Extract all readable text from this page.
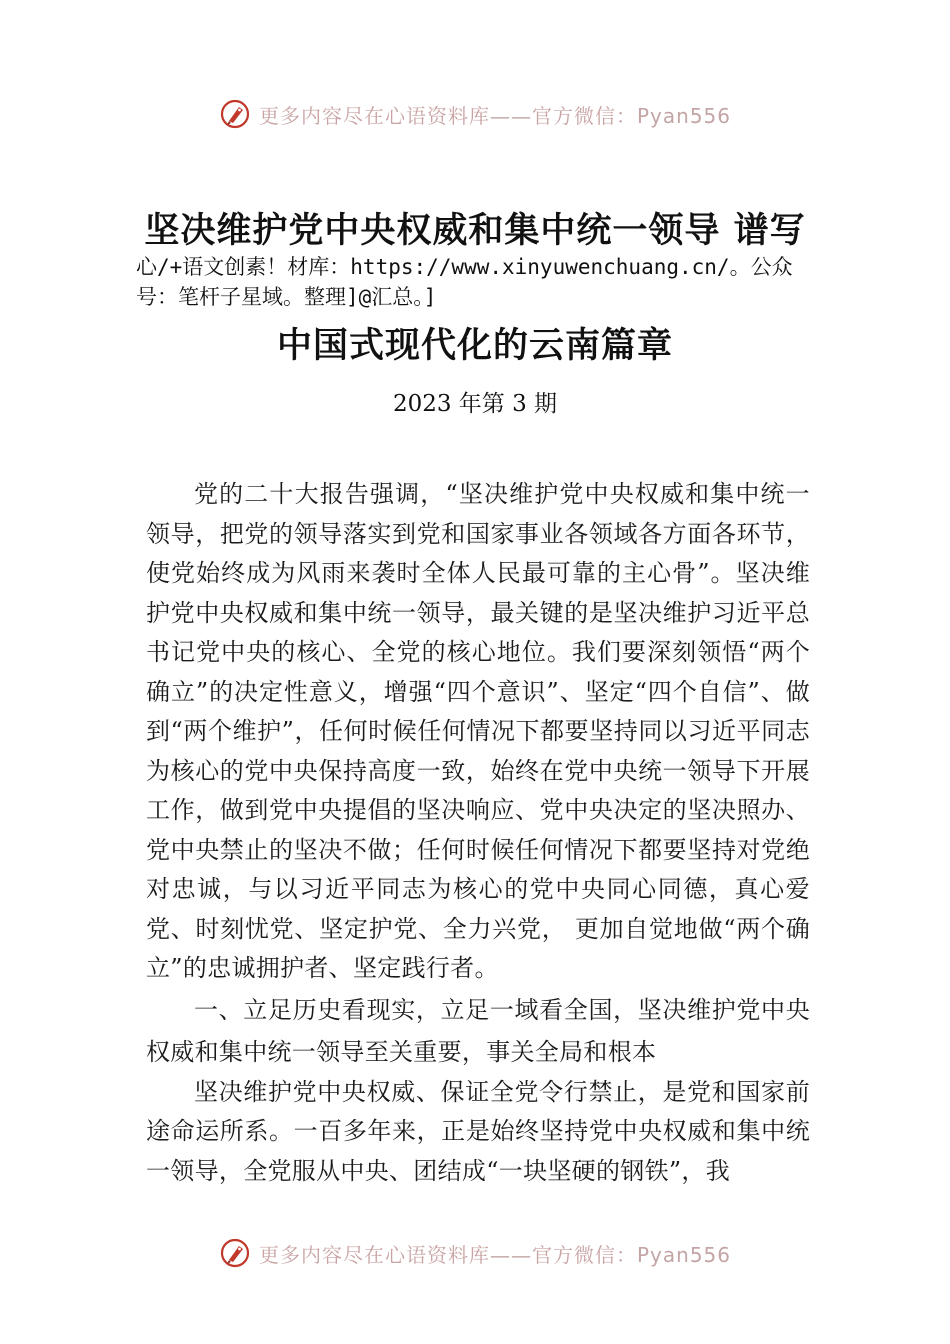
更多内容尽在心语资料库——官方微信：Pyan556
坚决维护党中央权威和集中统一领导 谱写
心/+语文创素！材库：https://www.xinyuwenchuang.cn/。公众号：笔杆子星域。整理]@汇总。]
中国式现代化的云南篇章
2023 年第 3 期

党的二十大报告强调，“坚决维护党中央权威和集中统一领导，把党的领导落实到党和国家事业各领域各方面各环节，使党始终成为风雨来袭时全体人民最可靠的主心骨”。坚决维护党中央权威和集中统一领导，最关键的是坚决维护习近平总书记党中央的核心、全党的核心地位。我们要深刻领悟“两个确立”的决定性意义，增强“四个意识”、坚定“四个自信”、做到“两个维护”，任何时候任何情况下都要坚持同以习近平同志为核心的党中央保持高度一致，始终在党中央统一领导下开展工作，做到党中央提倡的坚决响应、党中央决定的坚决照办、党中央禁止的坚决不做；任何时候任何情况下都要坚持对党绝对忠诚，与以习近平同志为核心的党中央同心同德，真心爱党、时刻忧党、坚定护党、全力兴党， 更加自觉地做“两个确立”的忠诚拥护者、坚定践行者。

一、立足历史看现实，立足一域看全国，坚决维护党中央权威和集中统一领导至关重要，事关全局和根本

坚决维护党中央权威、保证全党令行禁止，是党和国家前途命运所系。一百多年来，正是始终坚持党中央权威和集中统一领导，全党服从中央、团结成“一块坚硬的钢铁”，我

更多内容尽在心语资料库——官方微信：Pyan556
